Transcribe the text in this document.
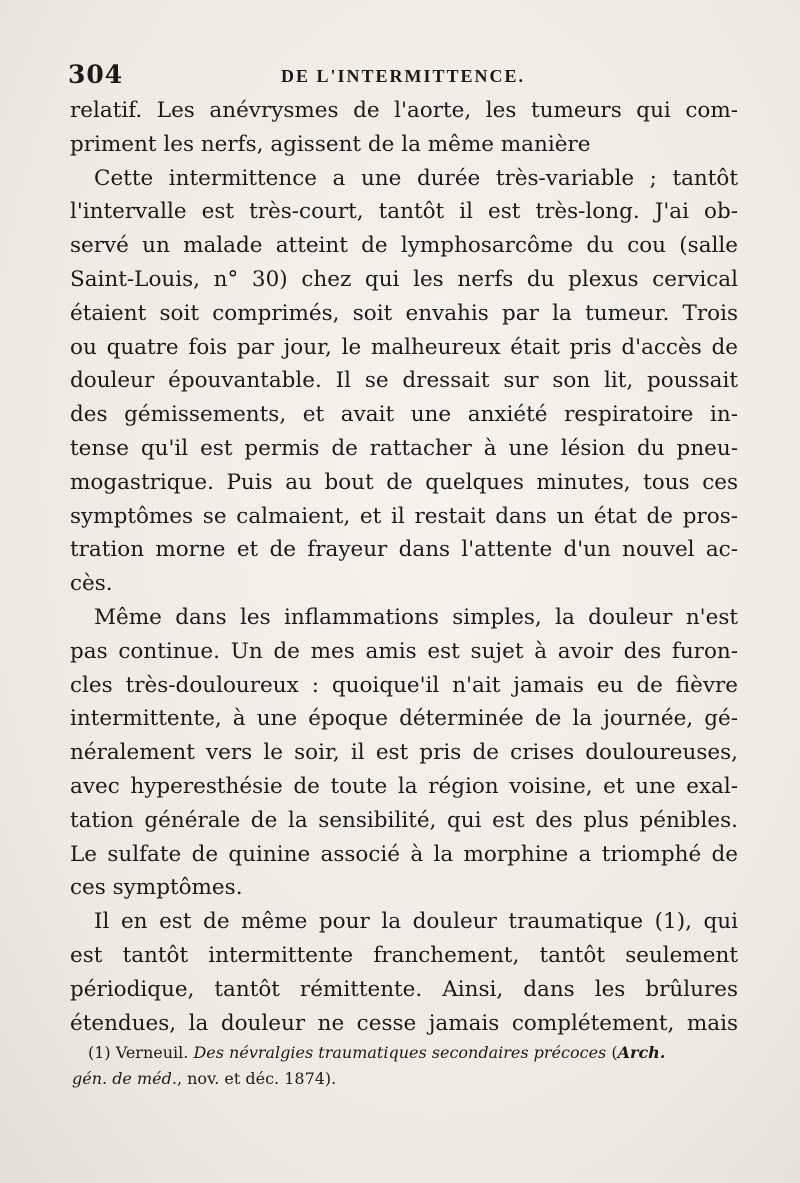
304	DE L'INTERMITTENCE.
relatif. Les anévrysmes de l'aorte, les tumeurs qui com-
priment les nerfs, agissent de la même manière
Cette intermittence a une durée très-variable ; tantôt
l'intervalle est très-court, tantôt il est très-long. J'ai ob-
servé un malade atteint de lymphosarcôme du cou (salle
Saint-Louis, n° 30) chez qui les nerfs du plexus cervical
étaient soit comprimés, soit envahis par la tumeur. Trois
ou quatre fois par jour, le malheureux était pris d'accès de
douleur épouvantable. Il se dressait sur son lit, poussait
des gémissements, et avait une anxiété respiratoire in-
tense qu'il est permis de rattacher à une lésion du pneu-
mogastrique. Puis au bout de quelques minutes, tous ces
symptômes se calmaient, et il restait dans un état de pros-
tration morne et de frayeur dans l'attente d'un nouvel ac-
cès.
Même dans les inflammations simples, la douleur n'est
pas continue. Un de mes amis est sujet à avoir des furon-
cles très-douloureux : quoique'il n'ait jamais eu de fièvre
intermittente, à une époque déterminée de la journée, gé-
néralement vers le soir, il est pris de crises douloureuses,
avec hyperesthésie de toute la région voisine, et une exal-
tation générale de la sensibilité, qui est des plus pénibles.
Le sulfate de quinine associé à la morphine a triomphé de
ces symptômes.
Il en est de même pour la douleur traumatique (1), qui
est tantôt intermittente franchement, tantôt seulement
périodique, tantôt rémittente. Ainsi, dans les brûlures
étendues, la douleur ne cesse jamais complétement, mais
(1) Verneuil. Des névralgies traumatiques secondaires précoces (Arch.
gén. de méd., nov. et déc. 1874).
